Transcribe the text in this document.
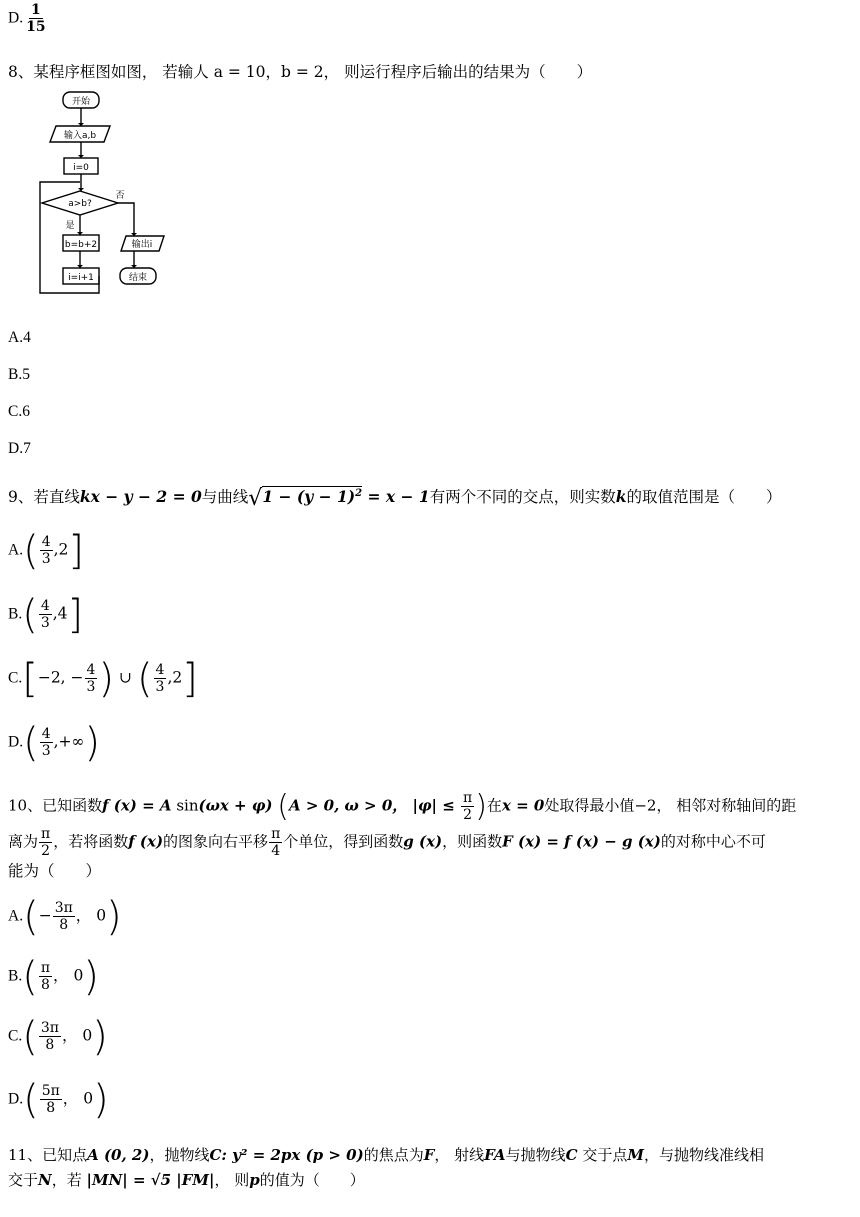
D. $\frac{1}{15}$
8、某程序框图如图， 若输人 a = 10，b = 2， 则运行程序后输出的结果为（　　）
开始
输入a,b
i=0
a>b?
否
是
b=b+2
i=i+1
输出i
结束
A.4
B.5
C.6
D.7
9、若直线kx − y − 2 = 0与曲线$√1 - (y - 1)^2 = x - 1$有两个不同的交点，则实数k的取值范围是（　　）
$A.( \frac{4}{3} ,2]$
$B.( \frac{4}{3} ,4]$
C.[−2, − $\frac{4}{3}$ ) ∪ ( $\frac{4}{3} ,2$]
$D.( \frac{4}{3}$ ,+∞)
10、已知函数f (x) = A sin(ωx + φ) (A > 0, ω > 0， $|\varphi| \le \frac{\pi}{2}$ )在x = 0处取得最小值−2， 相邻对称轴间的距
离为 $\frac{\pi}{2}$ ，若将函数f (x)的图象向右平移 $\frac{\pi}{4}$ 个单位，得到函数g (x)，则函数F (x) = f (x) − g (x)的对称中心不可
能为（　　）
$A.(- \frac{3\pi}{8}$ ， 0)
$B.( \frac{\pi}{8}$ ， 0)
$C.( \frac{3\pi}{8}$ ， 0)
$D.( \frac{5\pi}{8}$ ， 0)
11、已知点A (0, 2)，抛物线C: y² = 2px (p > 0)的焦点为F， 射线FA与抛物线C 交于点M，与抛物线准线相
交于N，若 |MN| = √5 |FM|， 则p的值为（　　）
